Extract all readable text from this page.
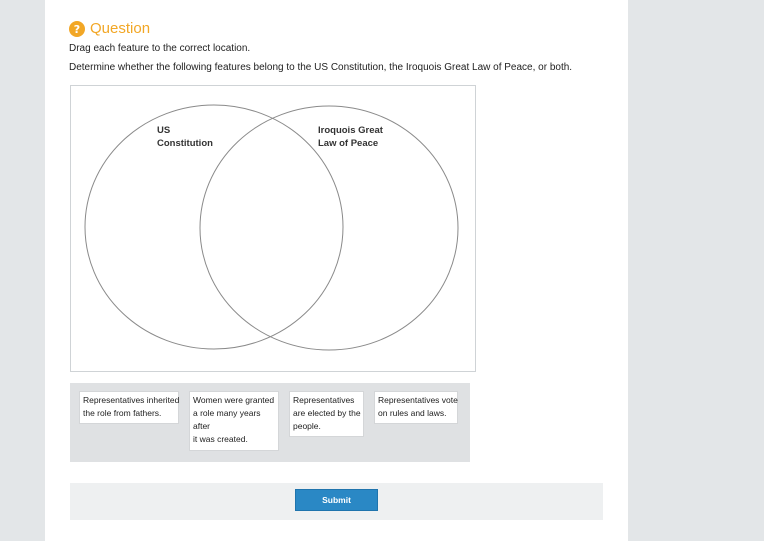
? Question
Drag each feature to the correct location.
Determine whether the following features belong to the US Constitution, the Iroquois Great Law of Peace, or both.
US
Constitution
Iroquois Great
Law of Peace
Representatives inherited
the role from fathers.
Women were granted
a role many years
after
it was created.
Representatives
are elected by the
people.
Representatives vote
on rules and laws.
Submit
